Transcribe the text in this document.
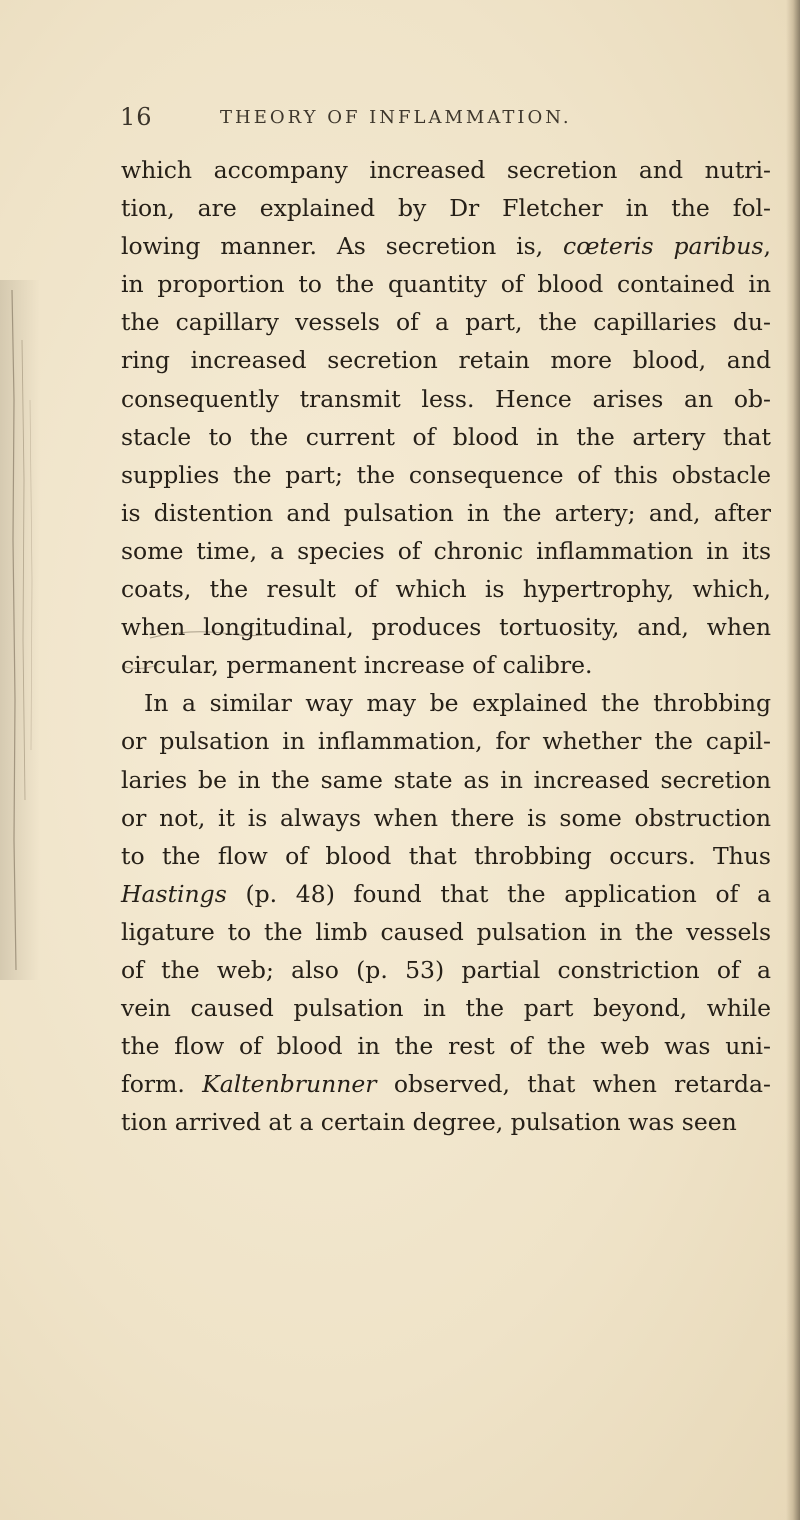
16	THEORY OF INFLAMMATION.
which accompany increased secretion and nutri-
tion, are explained by Dr Fletcher in the fol-
lowing manner. As secretion is, cœteris paribus,
in proportion to the quantity of blood contained in
the capillary vessels of a part, the capillaries du-
ring increased secretion retain more blood, and
consequently transmit less. Hence arises an ob-
stacle to the current of blood in the artery that
supplies the part; the consequence of this obstacle
is distention and pulsation in the artery; and, after
some time, a species of chronic inflammation in its
coats, the result of which is hypertrophy, which,
when longitudinal, produces tortuosity, and, when
circular, permanent increase of calibre.
In a similar way may be explained the throbbing
or pulsation in inflammation, for whether the capil-
laries be in the same state as in increased secretion
or not, it is always when there is some obstruction
to the flow of blood that throbbing occurs. Thus
Hastings (p. 48) found that the application of a
ligature to the limb caused pulsation in the vessels
of the web; also (p. 53) partial constriction of a
vein caused pulsation in the part beyond, while
the flow of blood in the rest of the web was uni-
form. Kaltenbrunner observed, that when retarda-
tion arrived at a certain degree, pulsation was seen
